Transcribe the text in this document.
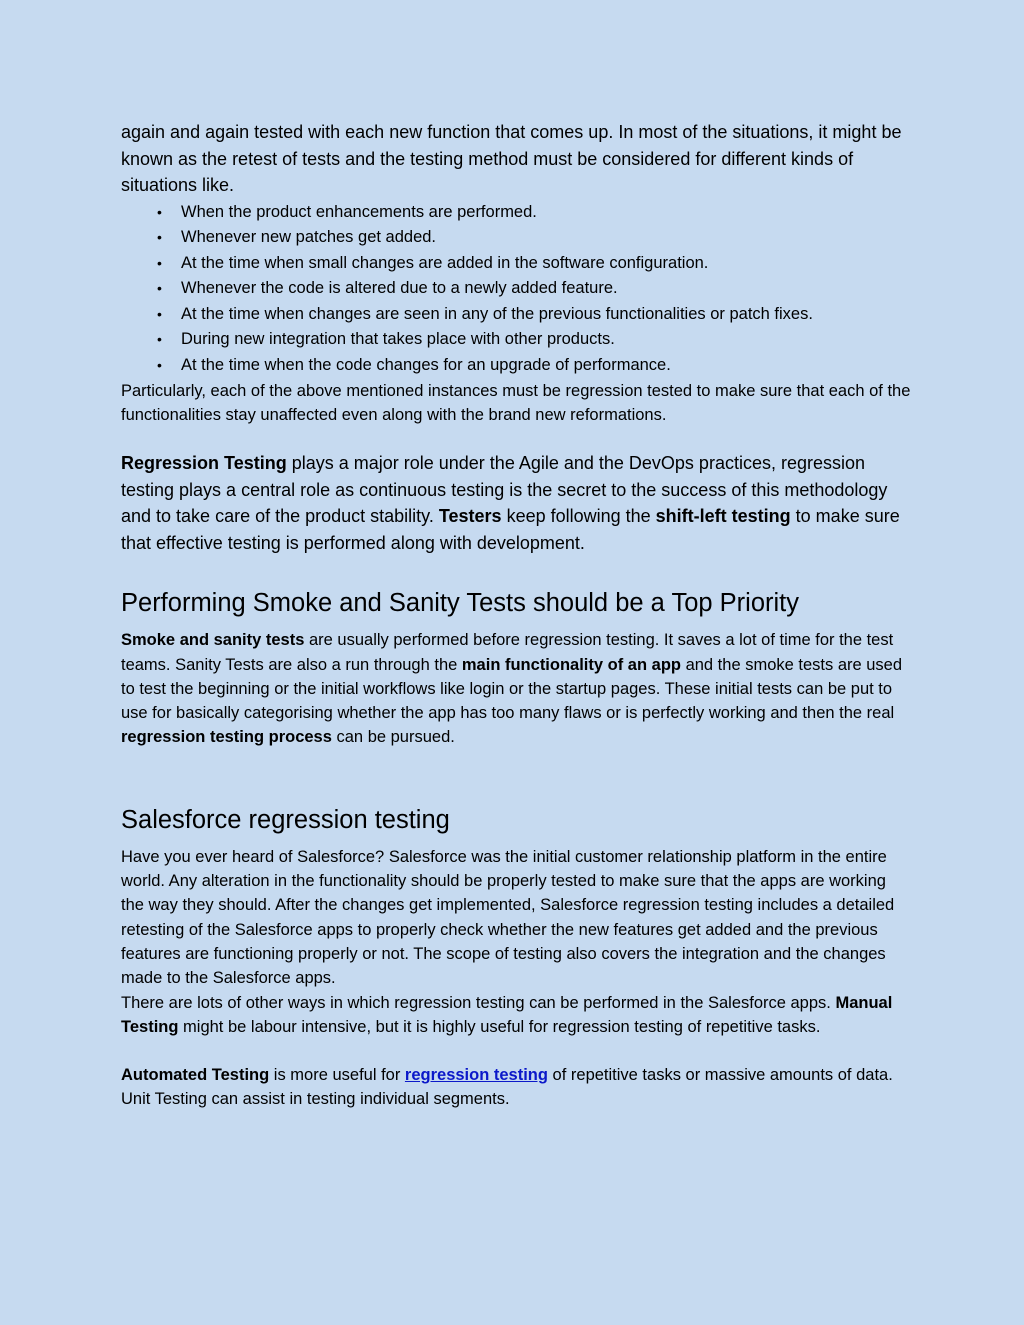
again and again tested with each new function that comes up. In most of the situations, it might be known as the retest of tests and the testing method must be considered for different kinds of situations like.

• When the product enhancements are performed.
• Whenever new patches get added.
• At the time when small changes are added in the software configuration.
• Whenever the code is altered due to a newly added feature.
• At the time when changes are seen in any of the previous functionalities or patch fixes.
• During new integration that takes place with other products.
• At the time when the code changes for an upgrade of performance.

Particularly, each of the above mentioned instances must be regression tested to make sure that each of the functionalities stay unaffected even along with the brand new reformations.

Regression Testing plays a major role under the Agile and the DevOps practices, regression testing plays a central role as continuous testing is the secret to the success of this methodology and to take care of the product stability. Testers keep following the shift-left testing to make sure that effective testing is performed along with development.

Performing Smoke and Sanity Tests should be a Top Priority

Smoke and sanity tests are usually performed before regression testing. It saves a lot of time for the test teams. Sanity Tests are also a run through the main functionality of an app and the smoke tests are used to test the beginning or the initial workflows like login or the startup pages. These initial tests can be put to use for basically categorising whether the app has too many flaws or is perfectly working and then the real regression testing process can be pursued.

Salesforce regression testing

Have you ever heard of Salesforce? Salesforce was the initial customer relationship platform in the entire world. Any alteration in the functionality should be properly tested to make sure that the apps are working the way they should. After the changes get implemented, Salesforce regression testing includes a detailed retesting of the Salesforce apps to properly check whether the new features get added and the previous features are functioning properly or not. The scope of testing also covers the integration and the changes made to the Salesforce apps.

There are lots of other ways in which regression testing can be performed in the Salesforce apps. Manual Testing might be labour intensive, but it is highly useful for regression testing of repetitive tasks.

Automated Testing is more useful for regression testing of repetitive tasks or massive amounts of data. Unit Testing can assist in testing individual segments.
